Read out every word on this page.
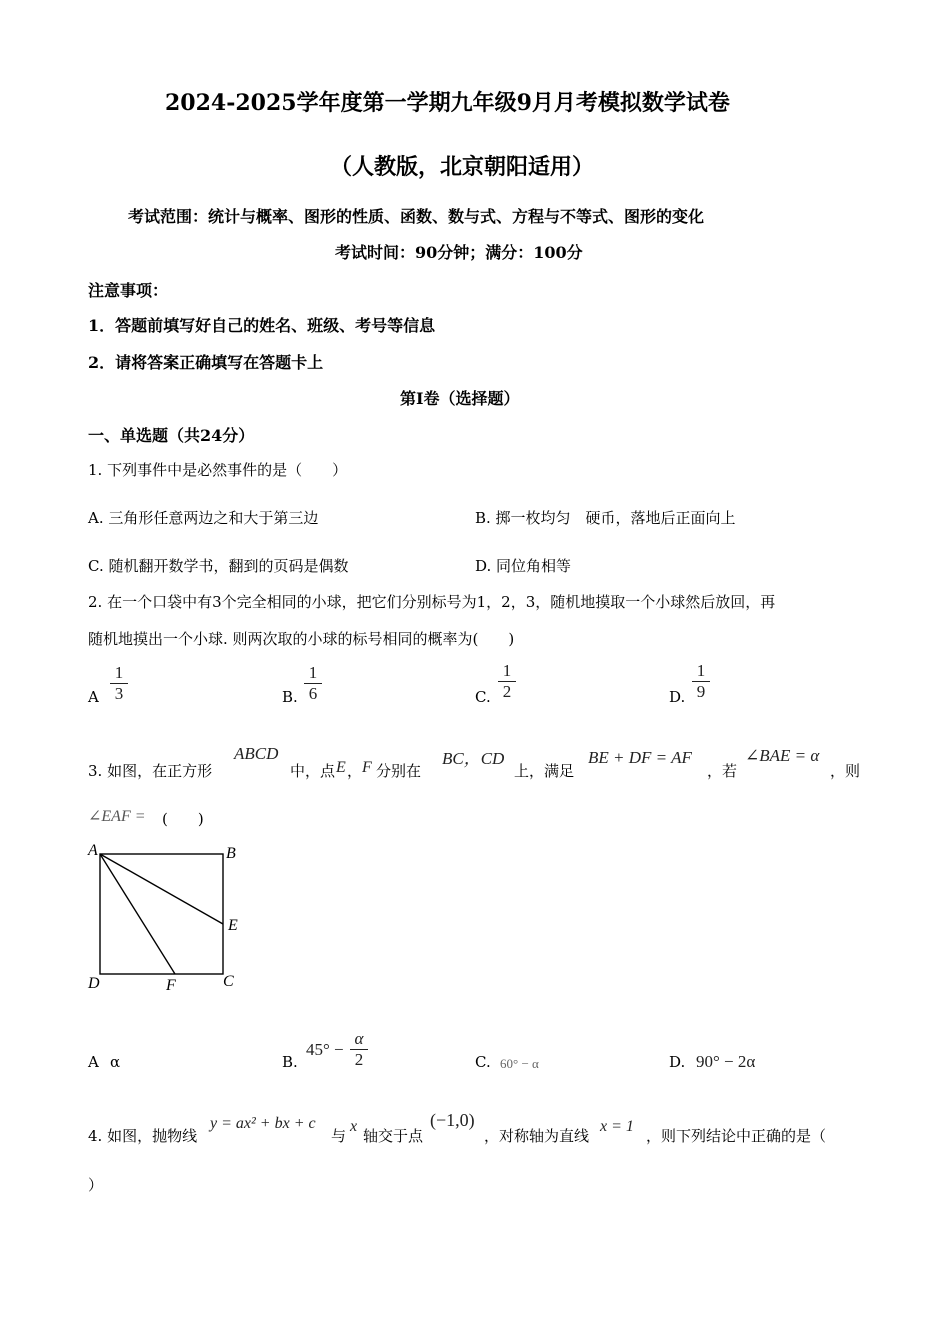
2024-2025学年度第一学期九年级9月月考模拟数学试卷
（人教版，北京朝阳适用）
考试范围：统计与概率、图形的性质、函数、数与式、方程与不等式、图形的变化
考试时间：90分钟；满分：100分
注意事项：
1．答题前填写好自己的姓名、班级、考号等信息
2．请将答案正确填写在答题卡上
第I卷（选择题）
一、单选题（共24分）
1. 下列事件中是必然事件的是（　　）
A. 三角形任意两边之和大于第三边	B. 掷一枚均匀　硬币，落地后正面向上
C. 随机翻开数学书，翻到的页码是偶数	D. 同位角相等
2. 在一个口袋中有3个完全相同的小球，把它们分别标号为1，2，3，随机地摸取一个小球然后放回，再
随机地摸出一个小球. 则两次取的小球的标号相同的概率为(　　)
A
1
3	B.
1
6	C.
1
2	D.
1
9
3. 如图，在正方形
ABCD
中，点 E ， F 分别在
BC，CD
上，满足
BE + DF = AF
，若
∠BAE = α
，则
∠EAF = (　　)
A	B
E
C
D	F
A α	B.
45° −
α
2	C. 60° − α	D. 90° − 2α
4. 如图，抛物线
y = ax² + bx + c
与
x
轴交于点
(−1,0)
，对称轴为直线
x = 1
，则下列结论中正确的是（
）
